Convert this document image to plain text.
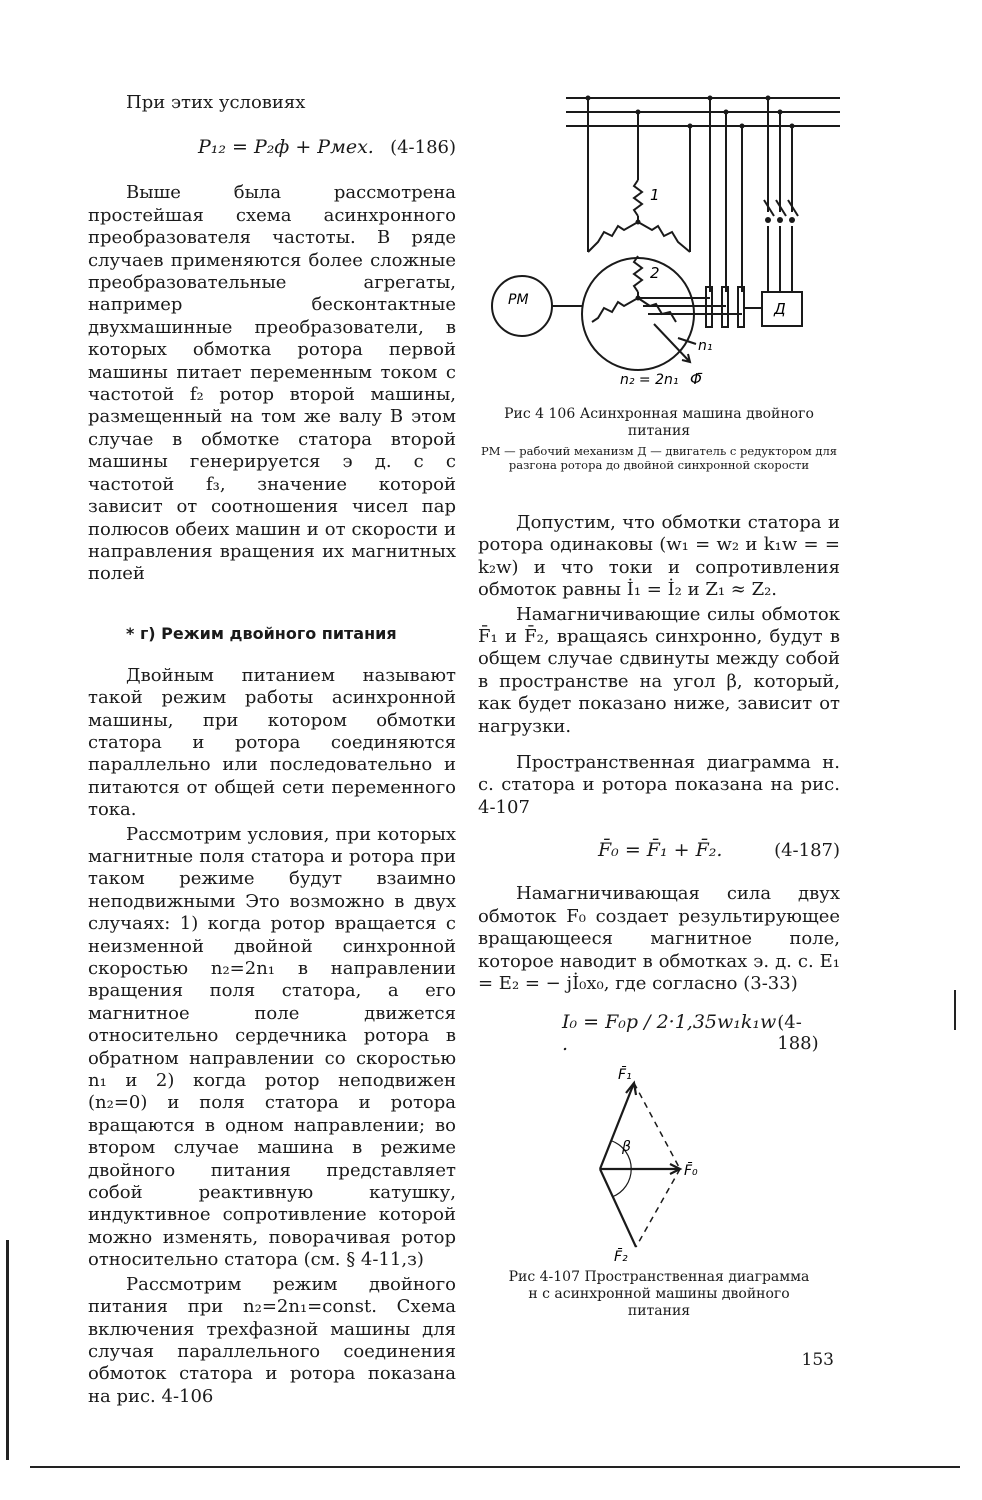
При этих условиях

P₁₂ = P₂ф + Pмех. (4-186)

Выше была рассмотрена простейшая схема асинхронного преобразователя частоты. В ряде случаев применяются более сложные преобразовательные агрегаты, например бесконтактные двухмашинные преобразователи, в которых обмотка ротора первой машины питает переменным током с частотой f₂ ротор второй машины, размещенный на том же валу В этом случае в обмотке статора второй машины генерируется э д. с с частотой f₃, значение которой зависит от соотношения чисел пар полюсов обеих машин и от скорости и направления вращения их магнитных полей

* г) Режим двойного питания

Двойным питанием называют такой режим работы асинхронной машины, при котором обмотки статора и ротора соединяются параллельно или последовательно и питаются от общей сети переменного тока.

Рассмотрим условия, при которых магнитные поля статора и ротора при таком режиме будут взаимно неподвижными Это возможно в двух случаях: 1) когда ротор вращается с неизменной двойной синхронной скоростью n₂=2n₁ в направлении вращения поля статора, а его магнитное поле движется относительно сердечника ротора в обратном направлении со скоростью n₁ и 2) когда ротор неподвижен (n₂=0) и поля статора и ротора вращаются в одном направлении; во втором случае машина в режиме двойного питания представляет собой реактивную катушку, индуктивное сопротивление которой можно изменять, поворачивая ротор относительно статора (см. § 4-11,з)

Рассмотрим режим двойного питания при n₂=2n₁=const. Схема включения трехфазной машины для случая параллельного соединения обмоток статора и ротора показана на рис. 4-106

1
2
РМ	Д
n₁
n₂ = 2n₁ Φ̄
Рис 4 106 Асинхронная машина двойного питания
РМ — рабочий механизм Д — двигатель с редуктором для разгона ротора до двойной синхронной скорости

Допустим, что обмотки статора и ротора одинаковы (w₁ = w₂ и k₁w = = k₂w) и что токи и сопротивления обмоток равны İ₁ = İ₂ и Z₁ ≈ Z₂.

Намагничивающие силы обмоток F̄₁ и F̄₂, вращаясь синхронно, будут в общем случае сдвинуты между собой в пространстве на угол β, который, как будет показано ниже, зависит от нагрузки.

Пространственная диаграмма н. с. статора и ротора показана на рис. 4-107

F̄₀ = F̄₁ + F̄₂.	(4-187)

Намагничивающая сила двух обмоток F₀ создает результирующее вращающееся магнитное поле, которое наводит в обмотках э. д. с. E₁ = E₂ = − jİ₀x₀, где согласно (3-33)

I₀ = F₀p / 2·1,35w₁k₁w .
(4-188)
F̄₁
F̄₀
F̄₂
β
Рис 4-107 Пространственная диаграмма н с асинхронной машины двойного питания
153
